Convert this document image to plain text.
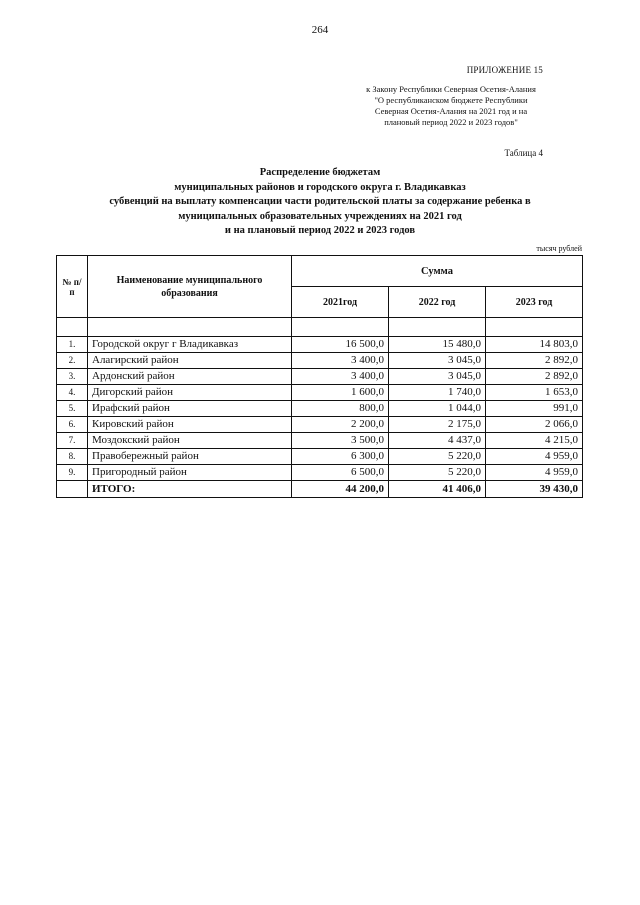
264
ПРИЛОЖЕНИЕ 15
к Закону Республики Северная Осетия-Алания
"О республиканском бюджете Республики
Северная Осетия-Алания на 2021 год и на
плановый период 2022 и 2023 годов"
Таблица 4
Распределение бюджетам
муниципальных районов и городского округа г. Владикавказ
субвенций на выплату компенсации части родительской платы за содержание ребенка в
муниципальных образовательных учреждениях на 2021 год
и на плановый период 2022 и 2023 годов
тысяч рублей
№ п/п	Наименование муниципального образования	Сумма		
		2021год	2022 год	2023 год

1.	Городской округ г Владикавказ	16 500,0	15 480,0	14 803,0
2.	Алагирский район	3 400,0	3 045,0	2 892,0
3.	Ардонский район	3 400,0	3 045,0	2 892,0
4.	Дигорский район	1 600,0	1 740,0	1 653,0
5.	Ирафский район	800,0	1 044,0	991,0
6.	Кировский район	2 200,0	2 175,0	2 066,0
7.	Моздокский район	3 500,0	4 437,0	4 215,0
8.	Правобережный район	6 300,0	5 220,0	4 959,0
9.	Пригородный район	6 500,0	5 220,0	4 959,0
	ИТОГО:	44 200,0	41 406,0	39 430,0
